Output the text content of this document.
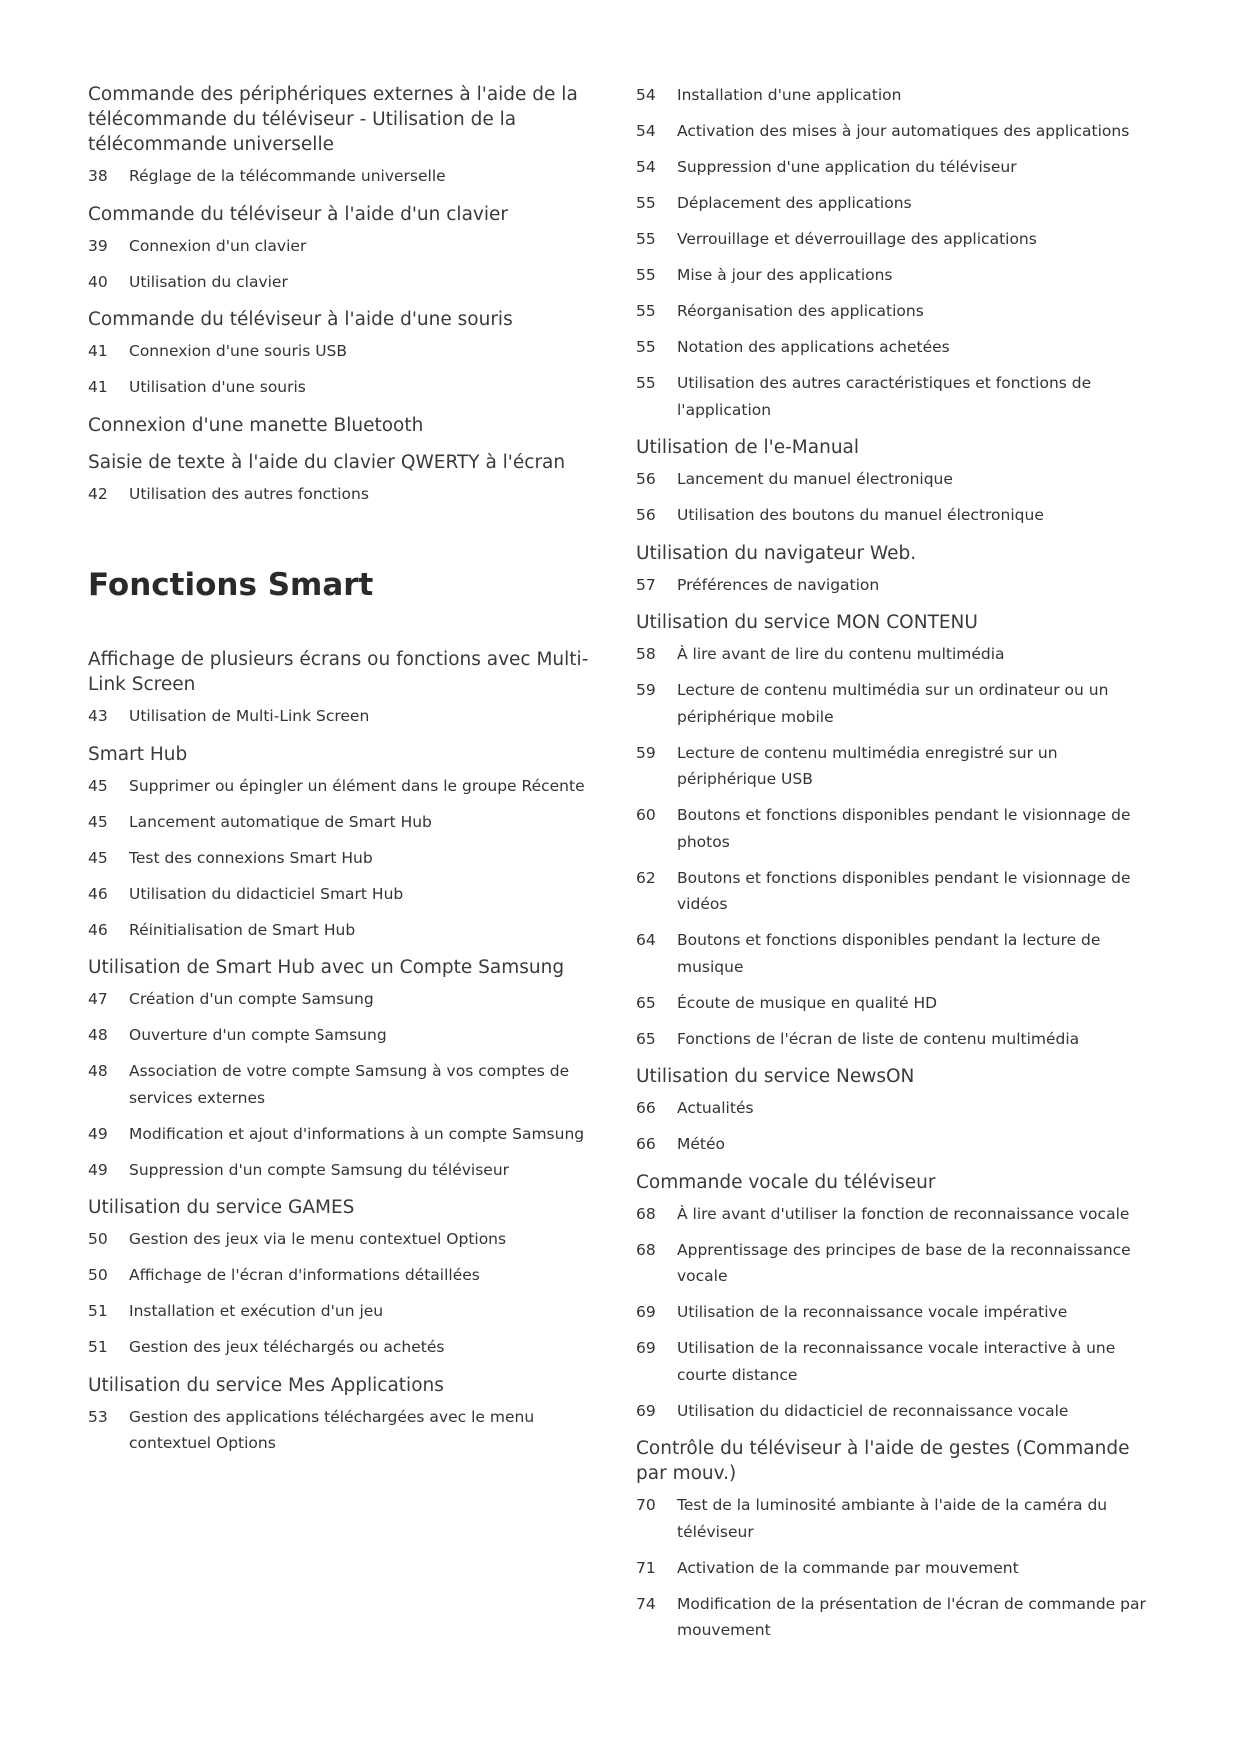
Commande des périphériques externes à l'aide de la télécommande du téléviseur - Utilisation de la télécommande universelle
38	Réglage de la télécommande universelle
Commande du téléviseur à l'aide d'un clavier
39	Connexion d'un clavier
40	Utilisation du clavier
Commande du téléviseur à l'aide d'une souris
41	Connexion d'une souris USB
41	Utilisation d'une souris
Connexion d'une manette Bluetooth
Saisie de texte à l'aide du clavier QWERTY à l'écran
42	Utilisation des autres fonctions
Fonctions Smart
Affichage de plusieurs écrans ou fonctions avec Multi-Link Screen
43	Utilisation de Multi-Link Screen
Smart Hub
45	Supprimer ou épingler un élément dans le groupe Récente
45	Lancement automatique de Smart Hub
45	Test des connexions Smart Hub
46	Utilisation du didacticiel Smart Hub
46	Réinitialisation de Smart Hub
Utilisation de Smart Hub avec un Compte Samsung
47	Création d'un compte Samsung
48	Ouverture d'un compte Samsung
48	Association de votre compte Samsung à vos comptes de services externes
49	Modification et ajout d'informations à un compte Samsung
49	Suppression d'un compte Samsung du téléviseur
Utilisation du service GAMES
50	Gestion des jeux via le menu contextuel Options
50	Affichage de l'écran d'informations détaillées
51	Installation et exécution d'un jeu
51	Gestion des jeux téléchargés ou achetés
Utilisation du service Mes Applications
53	Gestion des applications téléchargées avec le menu contextuel Options
54	Installation d'une application
54	Activation des mises à jour automatiques des applications
54	Suppression d'une application du téléviseur
55	Déplacement des applications
55	Verrouillage et déverrouillage des applications
55	Mise à jour des applications
55	Réorganisation des applications
55	Notation des applications achetées
55	Utilisation des autres caractéristiques et fonctions de l'application
Utilisation de l'e-Manual
56	Lancement du manuel électronique
56	Utilisation des boutons du manuel électronique
Utilisation du navigateur Web.
57	Préférences de navigation
Utilisation du service MON CONTENU
58	À lire avant de lire du contenu multimédia
59	Lecture de contenu multimédia sur un ordinateur ou un périphérique mobile
59	Lecture de contenu multimédia enregistré sur un périphérique USB
60	Boutons et fonctions disponibles pendant le visionnage de photos
62	Boutons et fonctions disponibles pendant le visionnage de vidéos
64	Boutons et fonctions disponibles pendant la lecture de musique
65	Écoute de musique en qualité HD
65	Fonctions de l'écran de liste de contenu multimédia
Utilisation du service NewsON
66	Actualités
66	Météo
Commande vocale du téléviseur
68	À lire avant d'utiliser la fonction de reconnaissance vocale
68	Apprentissage des principes de base de la reconnaissance vocale
69	Utilisation de la reconnaissance vocale impérative
69	Utilisation de la reconnaissance vocale interactive à une courte distance
69	Utilisation du didacticiel de reconnaissance vocale
Contrôle du téléviseur à l'aide de gestes (Commande par mouv.)
70	Test de la luminosité ambiante à l'aide de la caméra du téléviseur
71	Activation de la commande par mouvement
74	Modification de la présentation de l'écran de commande par mouvement
